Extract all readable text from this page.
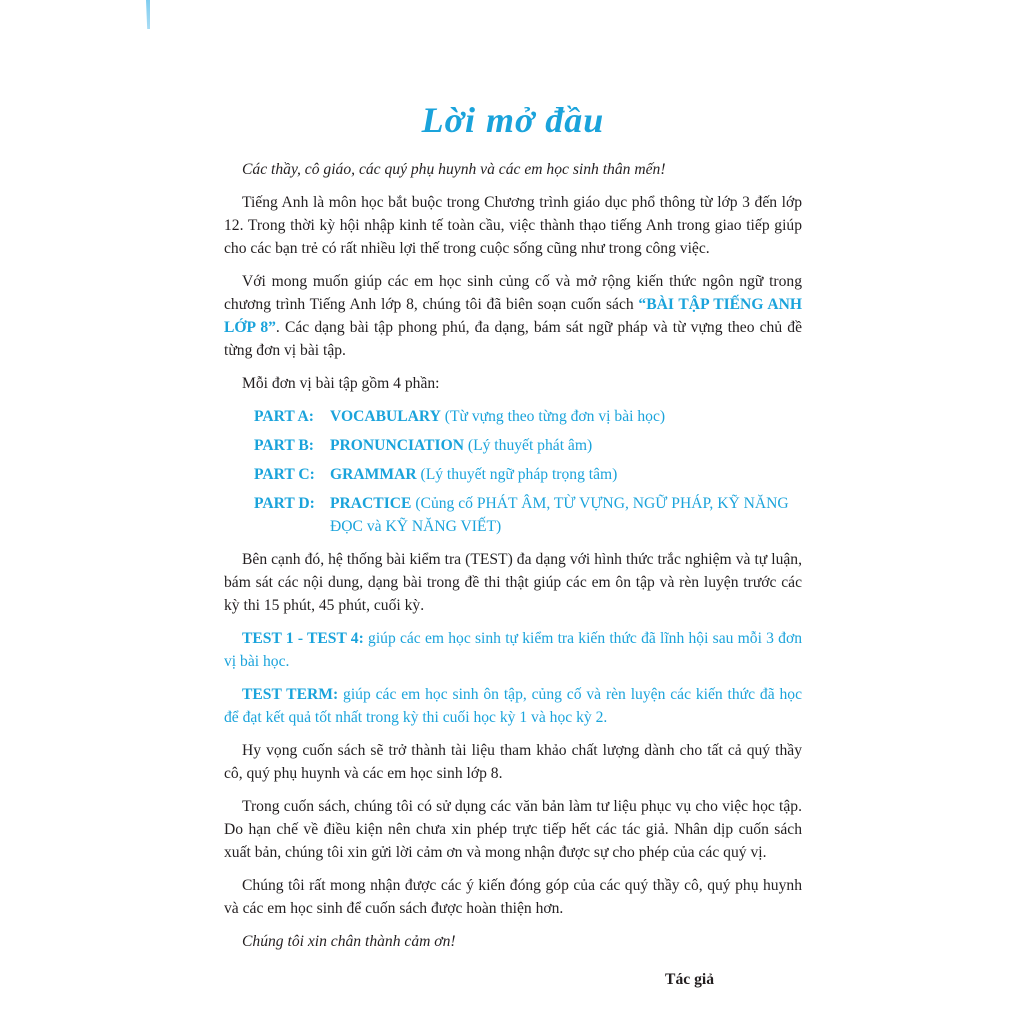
Lời mở đầu

Các thầy, cô giáo, các quý phụ huynh và các em học sinh thân mến!

Tiếng Anh là môn học bắt buộc trong Chương trình giáo dục phổ thông từ lớp 3 đến lớp 12. Trong thời kỳ hội nhập kinh tế toàn cầu, việc thành thạo tiếng Anh trong giao tiếp giúp cho các bạn trẻ có rất nhiều lợi thế trong cuộc sống cũng như trong công việc.

Với mong muốn giúp các em học sinh củng cố và mở rộng kiến thức ngôn ngữ trong chương trình Tiếng Anh lớp 8, chúng tôi đã biên soạn cuốn sách “BÀI TẬP TIẾNG ANH LỚP 8”. Các dạng bài tập phong phú, đa dạng, bám sát ngữ pháp và từ vựng theo chủ đề từng đơn vị bài tập.

Mỗi đơn vị bài tập gồm 4 phần:

PART A:	VOCABULARY (Từ vựng theo từng đơn vị bài học)
PART B:	PRONUNCIATION (Lý thuyết phát âm)
PART C: GRAMMAR (Lý thuyết ngữ pháp trọng tâm)
PART D: PRACTICE (Củng cố PHÁT ÂM, TỪ VỰNG, NGỮ PHÁP, KỸ NĂNG ĐỌC và KỸ NĂNG VIẾT)

Bên cạnh đó, hệ thống bài kiểm tra (TEST) đa dạng với hình thức trắc nghiệm và tự luận, bám sát các nội dung, dạng bài trong đề thi thật giúp các em ôn tập và rèn luyện trước các kỳ thi 15 phút, 45 phút, cuối kỳ.

TEST 1 - TEST 4: giúp các em học sinh tự kiểm tra kiến thức đã lĩnh hội sau mỗi 3 đơn vị bài học.

TEST TERM: giúp các em học sinh ôn tập, củng cố và rèn luyện các kiến thức đã học để đạt kết quả tốt nhất trong kỳ thi cuối học kỳ 1 và học kỳ 2.

Hy vọng cuốn sách sẽ trở thành tài liệu tham khảo chất lượng dành cho tất cả quý thầy cô, quý phụ huynh và các em học sinh lớp 8.

Trong cuốn sách, chúng tôi có sử dụng các văn bản làm tư liệu phục vụ cho việc học tập. Do hạn chế về điều kiện nên chưa xin phép trực tiếp hết các tác giả. Nhân dịp cuốn sách xuất bản, chúng tôi xin gửi lời cảm ơn và mong nhận được sự cho phép của các quý vị.

Chúng tôi rất mong nhận được các ý kiến đóng góp của các quý thầy cô, quý phụ huynh và các em học sinh để cuốn sách được hoàn thiện hơn.

Chúng tôi xin chân thành cảm ơn!

Tác giả
